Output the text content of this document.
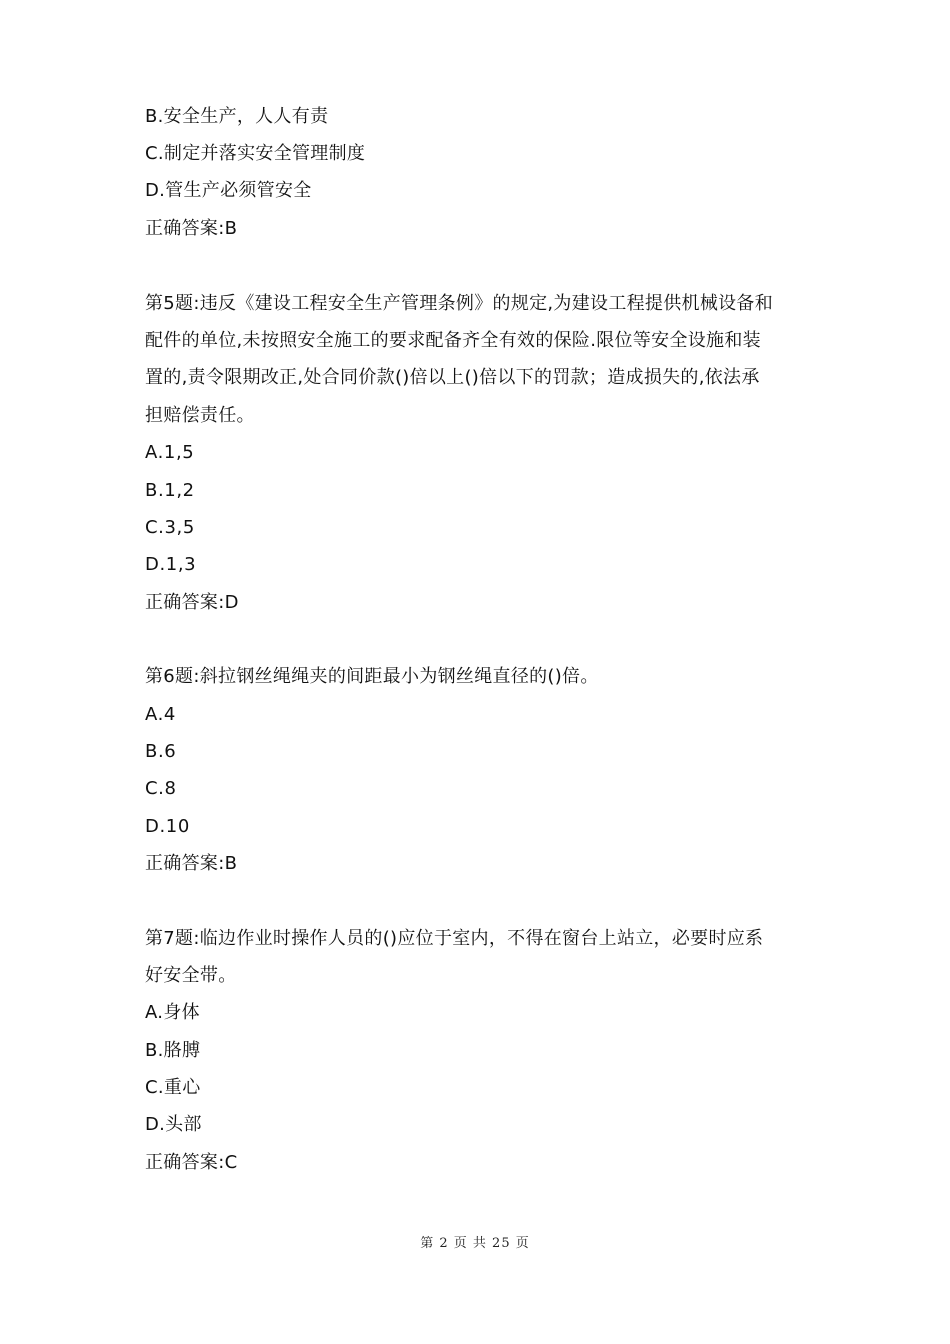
B.安全生产，人人有责
C.制定并落实安全管理制度
D.管生产必须管安全
正确答案:B
第5题:违反《建设工程安全生产管理条例》的规定,为建设工程提供机械设备和
配件的单位,未按照安全施工的要求配备齐全有效的保险.限位等安全设施和装
置的,责令限期改正,处合同价款()倍以上()倍以下的罚款；造成损失的,依法承
担赔偿责任。
A.1,5
B.1,2
C.3,5
D.1,3
正确答案:D
第6题:斜拉钢丝绳绳夹的间距最小为钢丝绳直径的()倍。
A.4
B.6
C.8
D.10
正确答案:B
第7题:临边作业时操作人员的()应位于室内，不得在窗台上站立，必要时应系
好安全带。
A.身体
B.胳膊
C.重心
D.头部
正确答案:C
第 2 页 共 25 页
